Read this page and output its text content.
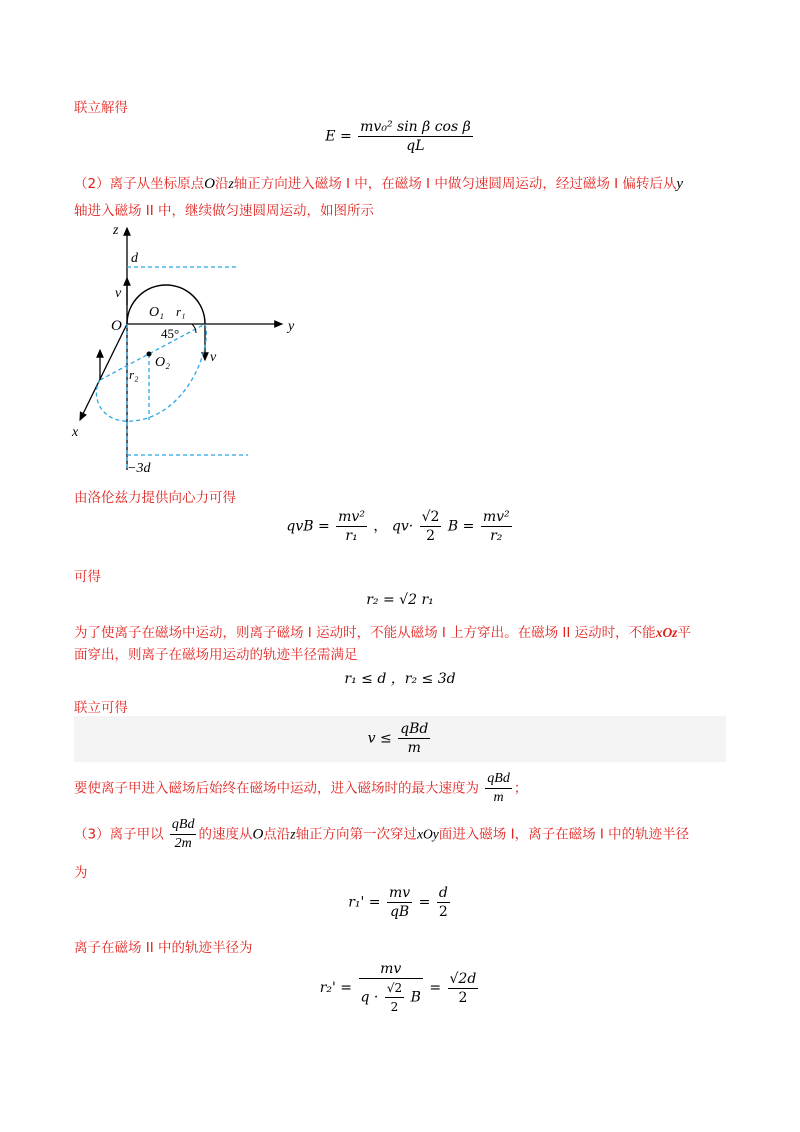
联立解得
$E = \frac{\text{mv₀² sin β cos β}}{qL}$
（2）离子从坐标原点O沿z轴正方向进入磁场 I 中，在磁场 I 中做匀速圆周运动，经过磁场 I 偏转后从y
轴进入磁场 II 中，继续做匀速圆周运动，如图所示
z
d
v
O
O₁ r₁
45°	y
O₂	v
r₂
x
−3d
由洛伦兹力提供向心力可得
qvB = $\frac{\text{mv²}}{\text{r₁}}$ ， $qv\cdot \frac{√2}{2}$ $B = \frac{\text{mv²}}{\text{r₂}}$
可得
r₂ = √2 r₁
为了使离子在磁场中运动，则离子磁场 I 运动时，不能从磁场 I 上方穿出。在磁场 II 运动时，不能xOz平
面穿出，则离子在磁场用运动的轨迹半径需满足
r₁ ≤ d ，r₂ ≤ 3d
联立可得
$v \le \frac{\text{qBd}}{m}$
要使离子甲进入磁场后始终在磁场中运动，进入磁场时的最大速度为 $\frac{\text{qBd}}{m}$ ；
（3）离子甲以 $\frac{\text{qBd}}{2m}$ 的速度从O点沿z轴正方向第一次穿过xOy面进入磁场 I，离子在磁场 I 中的轨迹半径
为
$r_1' = \frac{mv}{qB} = \frac{d}{2}$
离子在磁场 II 中的轨迹半径为
$r_2' = \frac{mv}{q \cdot \frac{√2}{2} B} = \frac{√2d}{2}$
